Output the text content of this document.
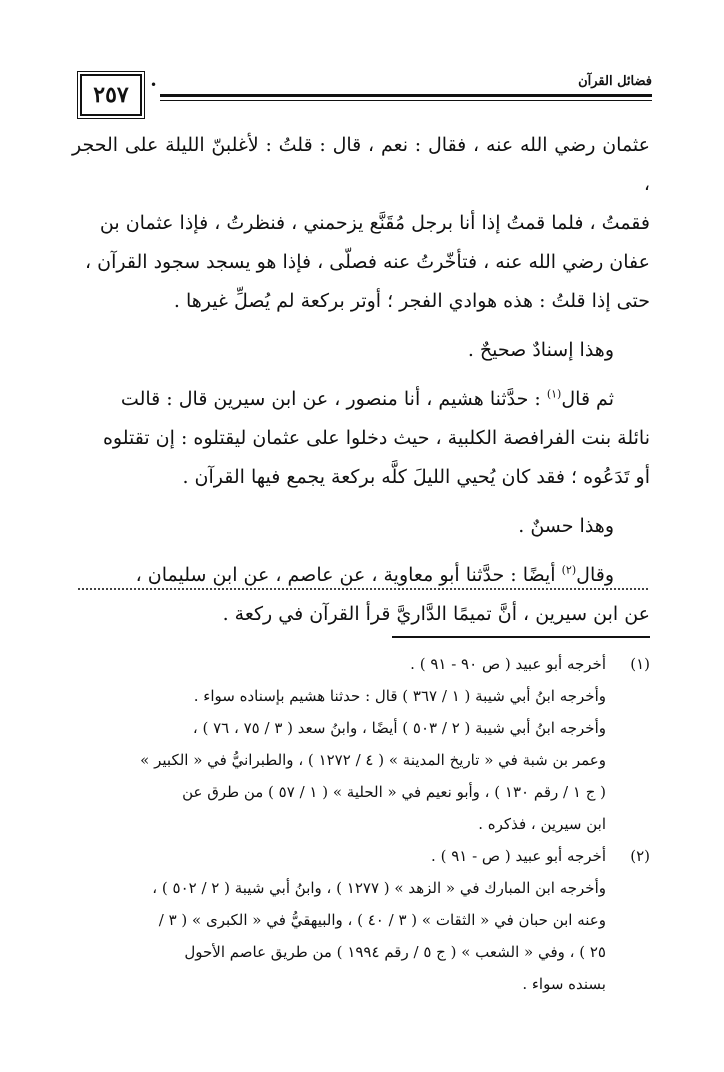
٢٥٧	•	فضائل القرآن

عثمان رضي الله عنه ، فقال : نعم ، قال : قلتُ : لأغلبنّ الليلة على الحجر ،
فقمتُ ، فلما قمتُ إذا أنا برجل مُقَنَّع يزحمني ، فنظرتُ ، فإذا عثمان بن
عفان رضي الله عنه ، فتأخّرتُ عنه فصلّى ، فإذا هو يسجد سجود القرآن ،
حتى إذا قلتُ : هذه هوادي الفجر ؛ أوتر بركعة لم يُصلِّ غيرها .

وهذا إسنادٌ صحيحٌ .

ثم قال$^{(١)}$ : حدَّثنا هشيم ، أنا منصور ، عن ابن سيرين قال : قالت

نائلة بنت الفرافصة الكلبية ، حيث دخلوا على عثمان ليقتلوه : إن تقتلوه
أو تَدَعُوه ؛ فقد كان يُحيي الليلَ كلَّه بركعة يجمع فيها القرآن .

وهذا حسنٌ .

وقال$^{(٢)}$ أيضًا : حدَّثنا أبو معاوية ، عن عاصم ، عن ابن سليمان ،

عن ابن سيرين ، أنَّ تميمًا الدَّاريَّ قرأ القرآن في ركعة .

(١)
أخرجه أبو عبيد ( ص ٩٠ - ٩١ ) .
وأخرجه ابنُ أبي شيبة ( ١ / ٣٦٧ ) قال : حدثنا هشيم بإسناده سواء .
وأخرجه ابنُ أبي شيبة ( ٢ / ٥٠٣ ) أيضًا ، وابنُ سعد ( ٣ / ٧٥ ، ٧٦ ) ،
وعمر بن شبة في « تاريخ المدينة » ( ٤ / ١٢٧٢ ) ، والطبرانيُّ في « الكبير »
( ج ١ / رقم ١٣٠ ) ، وأبو نعيم في « الحلية » ( ١ / ٥٧ ) من طرق عن
ابن سيرين ، فذكره .
(٢)
أخرجه أبو عبيد ( ص - ٩١ ) .
وأخرجه ابن المبارك في « الزهد » ( ١٢٧٧ ) ، وابنُ أبي شيبة ( ٢ / ٥٠٢ ) ،
وعنه ابن حبان في « الثقات » ( ٣ / ٤٠ ) ، والبيهقيُّ في « الكبرى » ( ٣ /
٢٥ ) ، وفي « الشعب » ( ج ٥ / رقم ١٩٩٤ ) من طريق عاصم الأحول
بسنده سواء .
